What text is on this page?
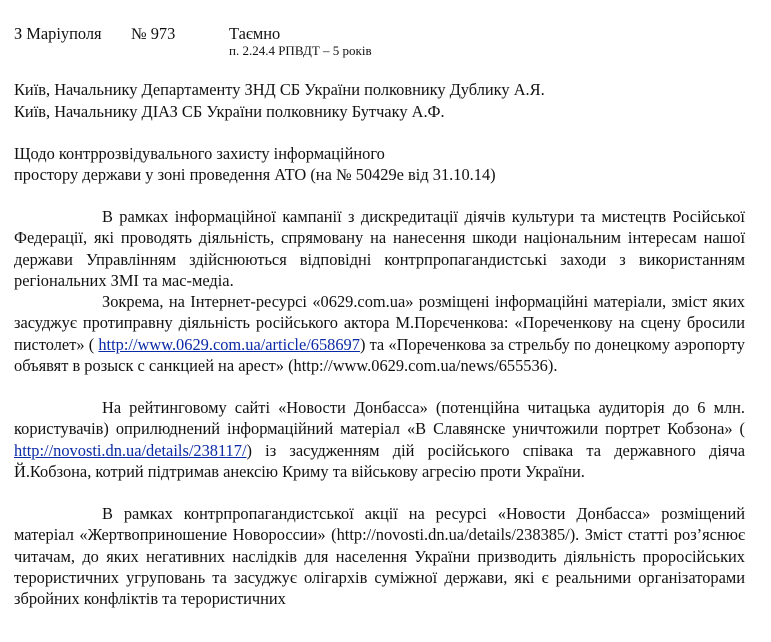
З Маріуполя № 973	Таємно
п. 2.24.4 РПВДТ – 5 років
Київ, Начальнику Департаменту ЗНД СБ України полковнику Дублику А.Я.
Київ, Начальнику ДІАЗ СБ України полковнику Бутчаку А.Ф.
Щодо контррозвідувального захисту інформаційного
простору держави у зоні проведення АТО (на № 50429е від 31.10.14)
В рамках інформаційної кампанії з дискредитації діячів культури та мистецтв Російської Федерації, які проводять діяльність, спрямовану на нанесення шкоди національним інтересам нашої держави Управлінням здійснюються відповідні контрпропагандистські заходи з використанням регіональних ЗМІ та мас-медіа.
Зокрема, на Інтернет-ресурсі «0629.com.ua» розміщені інформаційні матеріали, зміст яких засуджує протиправну діяльність російського актора М.Порєченкова: «Пореченкову на сцену бросили пистолет» ( http://www.0629.com.ua/article/658697) та «Пореченкова за стрельбу по донецкому аэропорту объявят в розыск с санкцией на арест» (http://www.0629.com.ua/news/655536).
На рейтинговому сайті «Новости Донбасса» (потенційна читацька аудиторія до 6 млн. користувачів) оприлюднений інформаційний матеріал «В Славянске уничтожили портрет Кобзона» ( http://novosti.dn.ua/details/238117/) із засудженням дій російського співака та державного діяча Й.Кобзона, котрий підтримав анексію Криму та військову агресію проти України.
В рамках контрпропагандистської акції на ресурсі «Новости Донбасса» розміщений матеріал «Жертвоприношение Новороссии» (http://novosti.dn.ua/details/238385/). Зміст статті роз’яснює читачам, до яких негативних наслідків для населення України призводить діяльність проросійських терористичних угруповань та засуджує олігархів суміжної держави, які є реальними організаторами збройних конфліктів та терористичних
